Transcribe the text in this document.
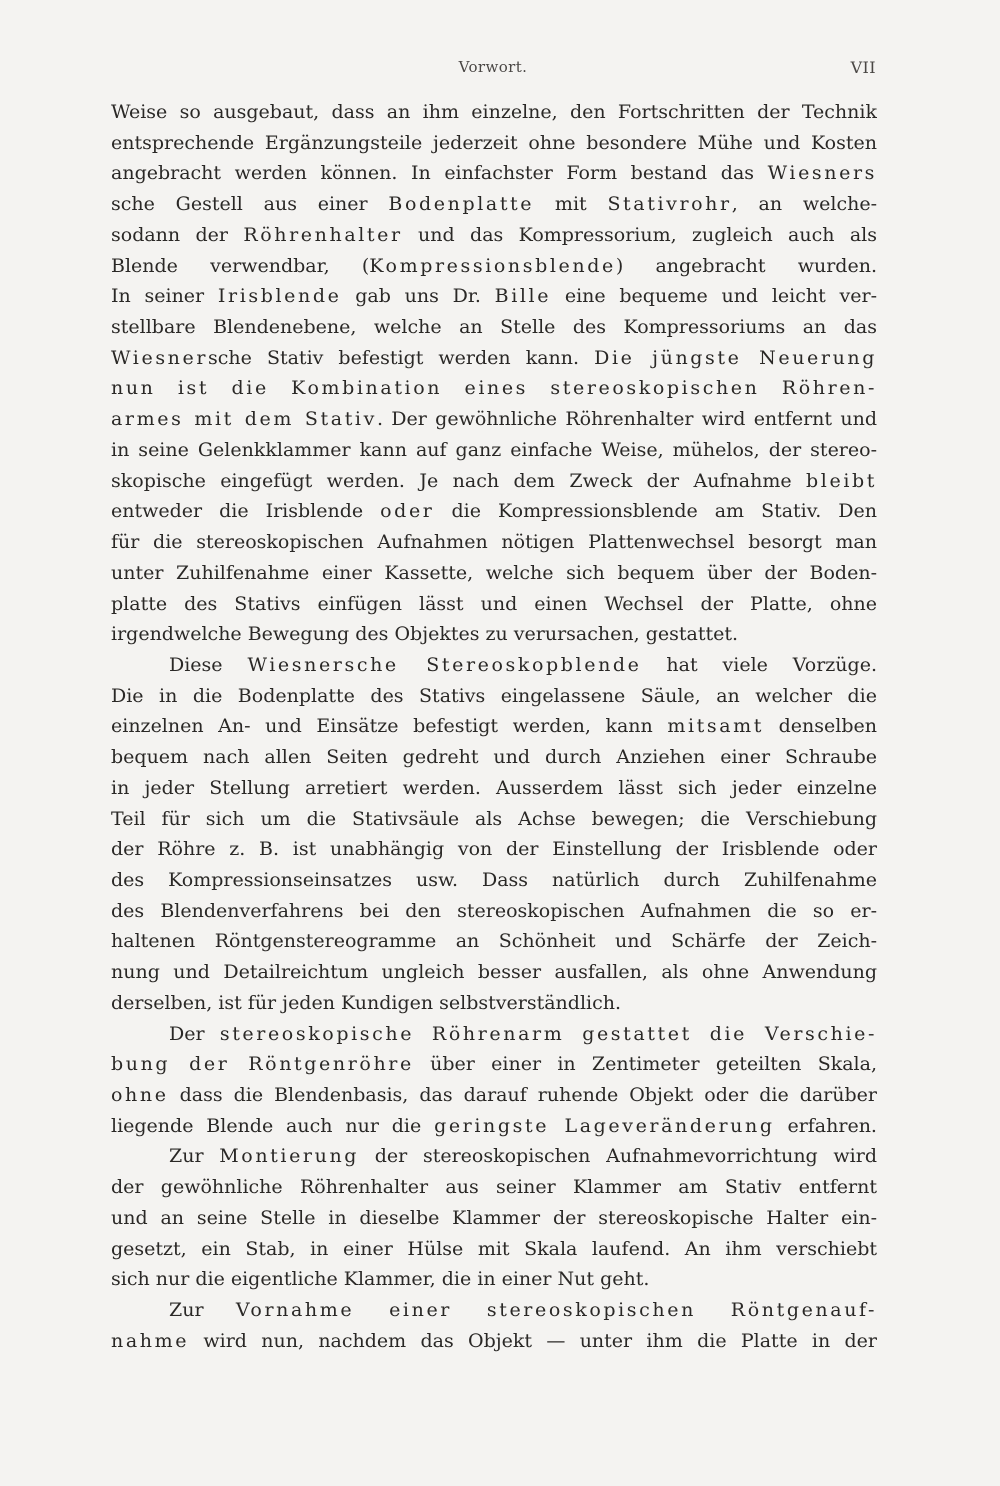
Vorwort.	VII
Weise so ausgebaut, dass an ihm einzelne, den Fortschritten der Technik
entsprechende Ergänzungsteile jederzeit ohne besondere Mühe und Kosten
angebracht werden können. In einfachster Form bestand das Wiesners
sche Gestell aus einer Bodenplatte mit Stativrohr, an welche-
sodann der Röhrenhalter und das Kompressorium, zugleich auch als
Blende verwendbar, (Kompressionsblende) angebracht wurden.
In seiner Irisblende gab uns Dr. Bille eine bequeme und leicht ver-
stellbare Blendenebene, welche an Stelle des Kompressoriums an das
Wiesnersche Stativ befestigt werden kann. Die jüngste Neuerung
nun ist die Kombination eines stereoskopischen Röhren-
armes mit dem Stativ. Der gewöhnliche Röhrenhalter wird entfernt und
in seine Gelenkklammer kann auf ganz einfache Weise, mühelos, der stereo-
skopische eingefügt werden. Je nach dem Zweck der Aufnahme bleibt
entweder die Irisblende oder die Kompressionsblende am Stativ. Den
für die stereoskopischen Aufnahmen nötigen Plattenwechsel besorgt man
unter Zuhilfenahme einer Kassette, welche sich bequem über der Boden-
platte des Stativs einfügen lässt und einen Wechsel der Platte, ohne
irgendwelche Bewegung des Objektes zu verursachen, gestattet.
Diese Wiesnersche Stereoskopblende hat viele Vorzüge.
Die in die Bodenplatte des Stativs eingelassene Säule, an welcher die
einzelnen An- und Einsätze befestigt werden, kann mitsamt denselben
bequem nach allen Seiten gedreht und durch Anziehen einer Schraube
in jeder Stellung arretiert werden. Ausserdem lässt sich jeder einzelne
Teil für sich um die Stativsäule als Achse bewegen; die Verschiebung
der Röhre z. B. ist unabhängig von der Einstellung der Irisblende oder
des Kompressionseinsatzes usw. Dass natürlich durch Zuhilfenahme
des Blendenverfahrens bei den stereoskopischen Aufnahmen die so er-
haltenen Röntgenstereogramme an Schönheit und Schärfe der Zeich-
nung und Detailreichtum ungleich besser ausfallen, als ohne Anwendung
derselben, ist für jeden Kundigen selbstverständlich.
Der stereoskopische Röhrenarm gestattet die Verschie-
bung der Röntgenröhre über einer in Zentimeter geteilten Skala,
ohne dass die Blendenbasis, das darauf ruhende Objekt oder die darüber
liegende Blende auch nur die geringste Lageveränderung erfahren.
Zur Montierung der stereoskopischen Aufnahmevorrichtung wird
der gewöhnliche Röhrenhalter aus seiner Klammer am Stativ entfernt
und an seine Stelle in dieselbe Klammer der stereoskopische Halter ein-
gesetzt, ein Stab, in einer Hülse mit Skala laufend. An ihm verschiebt
sich nur die eigentliche Klammer, die in einer Nut geht.
Zur Vornahme einer stereoskopischen Röntgenauf-
nahme wird nun, nachdem das Objekt — unter ihm die Platte in der
